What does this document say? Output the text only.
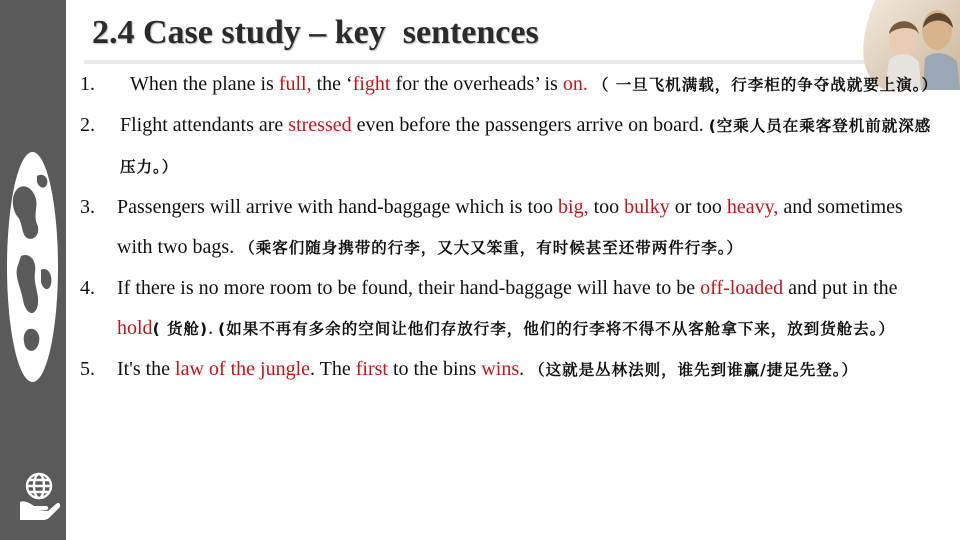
2.4 Case study – key  sentences
1. When the plane is full, the ‘fight for the overheads’ is on. （ 一旦飞机满载，行李柜的争夺战就要上演。）
2. Flight attendants are stressed even before the passengers arrive on board. (空乘人员在乘客登机前就深感压力。）
3. Passengers will arrive with hand-baggage which is too big, too bulky or too heavy, and sometimes with two bags. （乘客们随身携带的行李，又大又笨重，有时候甚至还带两件行李。）
4. If there is no more room to be found, their hand-baggage will have to be off-loaded and put in the hold( 货舱). (如果不再有多余的空间让他们存放行李，他们的行李将不得不从客舱拿下来，放到货舱去。）
5. It's the law of the jungle. The first to the bins wins. （这就是丛林法则，谁先到谁赢/捷足先登。）
